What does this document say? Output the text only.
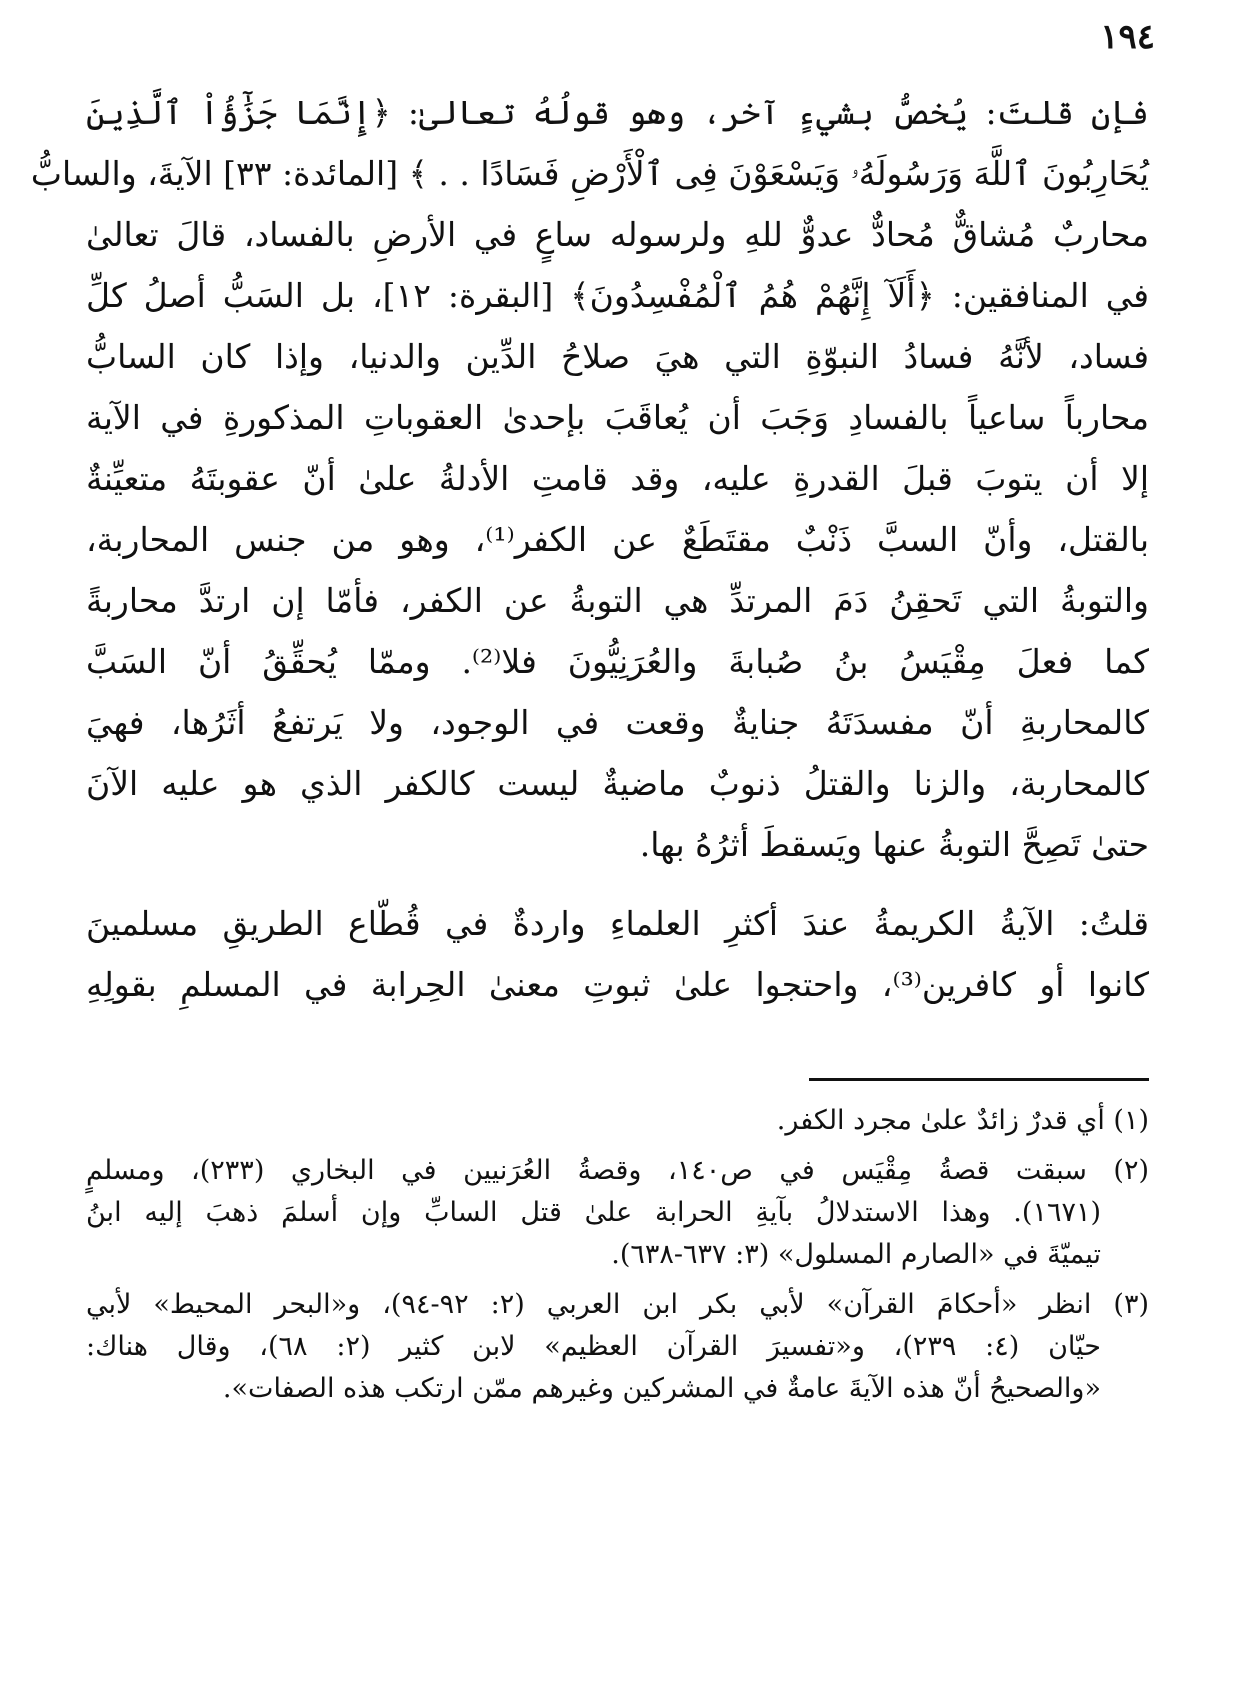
١٩٤
فإن قلتَ: يُخصُّ بشيءٍ آخر، وهو قولُهُ تعالىٰ: ﴿إِنَّمَا جَزَٰٓؤُاْ ٱلَّذِينَ
يُحَارِبُونَ ٱللَّهَ وَرَسُولَهُۥ وَيَسْعَوْنَ فِى ٱلْأَرْضِ فَسَادًا . . ﴾ [المائدة: ٣٣] الآيةَ، والسابُّ
محاربٌ مُشاقٌّ مُحادٌّ عدوٌّ للهِ ولرسوله ساعٍ في الأرضِ بالفساد، قالَ تعالىٰ
في المنافقين: ﴿أَلَآ إِنَّهُمْ هُمُ ٱلْمُفْسِدُونَ﴾ [البقرة: ١٢]، بل السَبُّ أصلُ كلِّ
فساد، لأنَّهُ فسادُ النبوّةِ التي هيَ صلاحُ الدِّين والدنيا، وإذا كان السابُّ
محارباً ساعياً بالفسادِ وَجَبَ أن يُعاقَبَ بإحدىٰ العقوباتِ المذكورةِ في الآية
إلا أن يتوبَ قبلَ القدرةِ عليه، وقد قامتِ الأدلةُ علىٰ أنّ عقوبتَهُ متعيِّنةٌ
بالقتل، وأنّ السبَّ ذَنْبٌ مقتَطَعٌ عن الكفر⁽¹⁾، وهو من جنس المحاربة،
والتوبةُ التي تَحقِنُ دَمَ المرتدِّ هي التوبةُ عن الكفر، فأمّا إن ارتدَّ محاربةً
كما فعلَ مِقْيَسُ بنُ صُبابةَ والعُرَنِيُّونَ فلا⁽²⁾. وممّا يُحقِّقُ أنّ السَبَّ
كالمحاربةِ أنّ مفسدَتَهُ جنايةٌ وقعت في الوجود، ولا يَرتفعُ أثَرُها، فهيَ
كالمحاربة، والزنا والقتلُ ذنوبٌ ماضيةٌ ليست كالكفر الذي هو عليه الآنَ
حتىٰ تَصِحَّ التوبةُ عنها ويَسقطَ أثرُهُ بها.
قلتُ: الآيةُ الكريمةُ عندَ أكثرِ العلماءِ واردةٌ في قُطّاع الطريقِ مسلمينَ
كانوا أو كافرين⁽³⁾، واحتجوا علىٰ ثبوتِ معنىٰ الحِرابة في المسلمِ بقولِهِ
(١) أي قدرٌ زائدٌ علىٰ مجرد الكفر.
(٢) سبقت قصةُ مِقْيَس في ص١٤٠، وقصةُ العُرَنيين في البخاري (٢٣٣)، ومسلمٍ
(١٦٧١). وهذا الاستدلالُ بآيةِ الحرابة علىٰ قتل السابِّ وإن أسلمَ ذهبَ إليه ابنُ
تيميّةَ في «الصارم المسلول» (٣: ٦٣٧-٦٣٨).
(٣) انظر «أحكامَ القرآن» لأبي بكر ابن العربي (٢: ٩٢-٩٤)، و«البحر المحيط» لأبي
حيّان (٤: ٢٣٩)، و«تفسيرَ القرآن العظيم» لابن كثير (٢: ٦٨)، وقال هناك:
«والصحيحُ أنّ هذه الآيةَ عامةٌ في المشركين وغيرهم ممّن ارتكب هذه الصفات».
